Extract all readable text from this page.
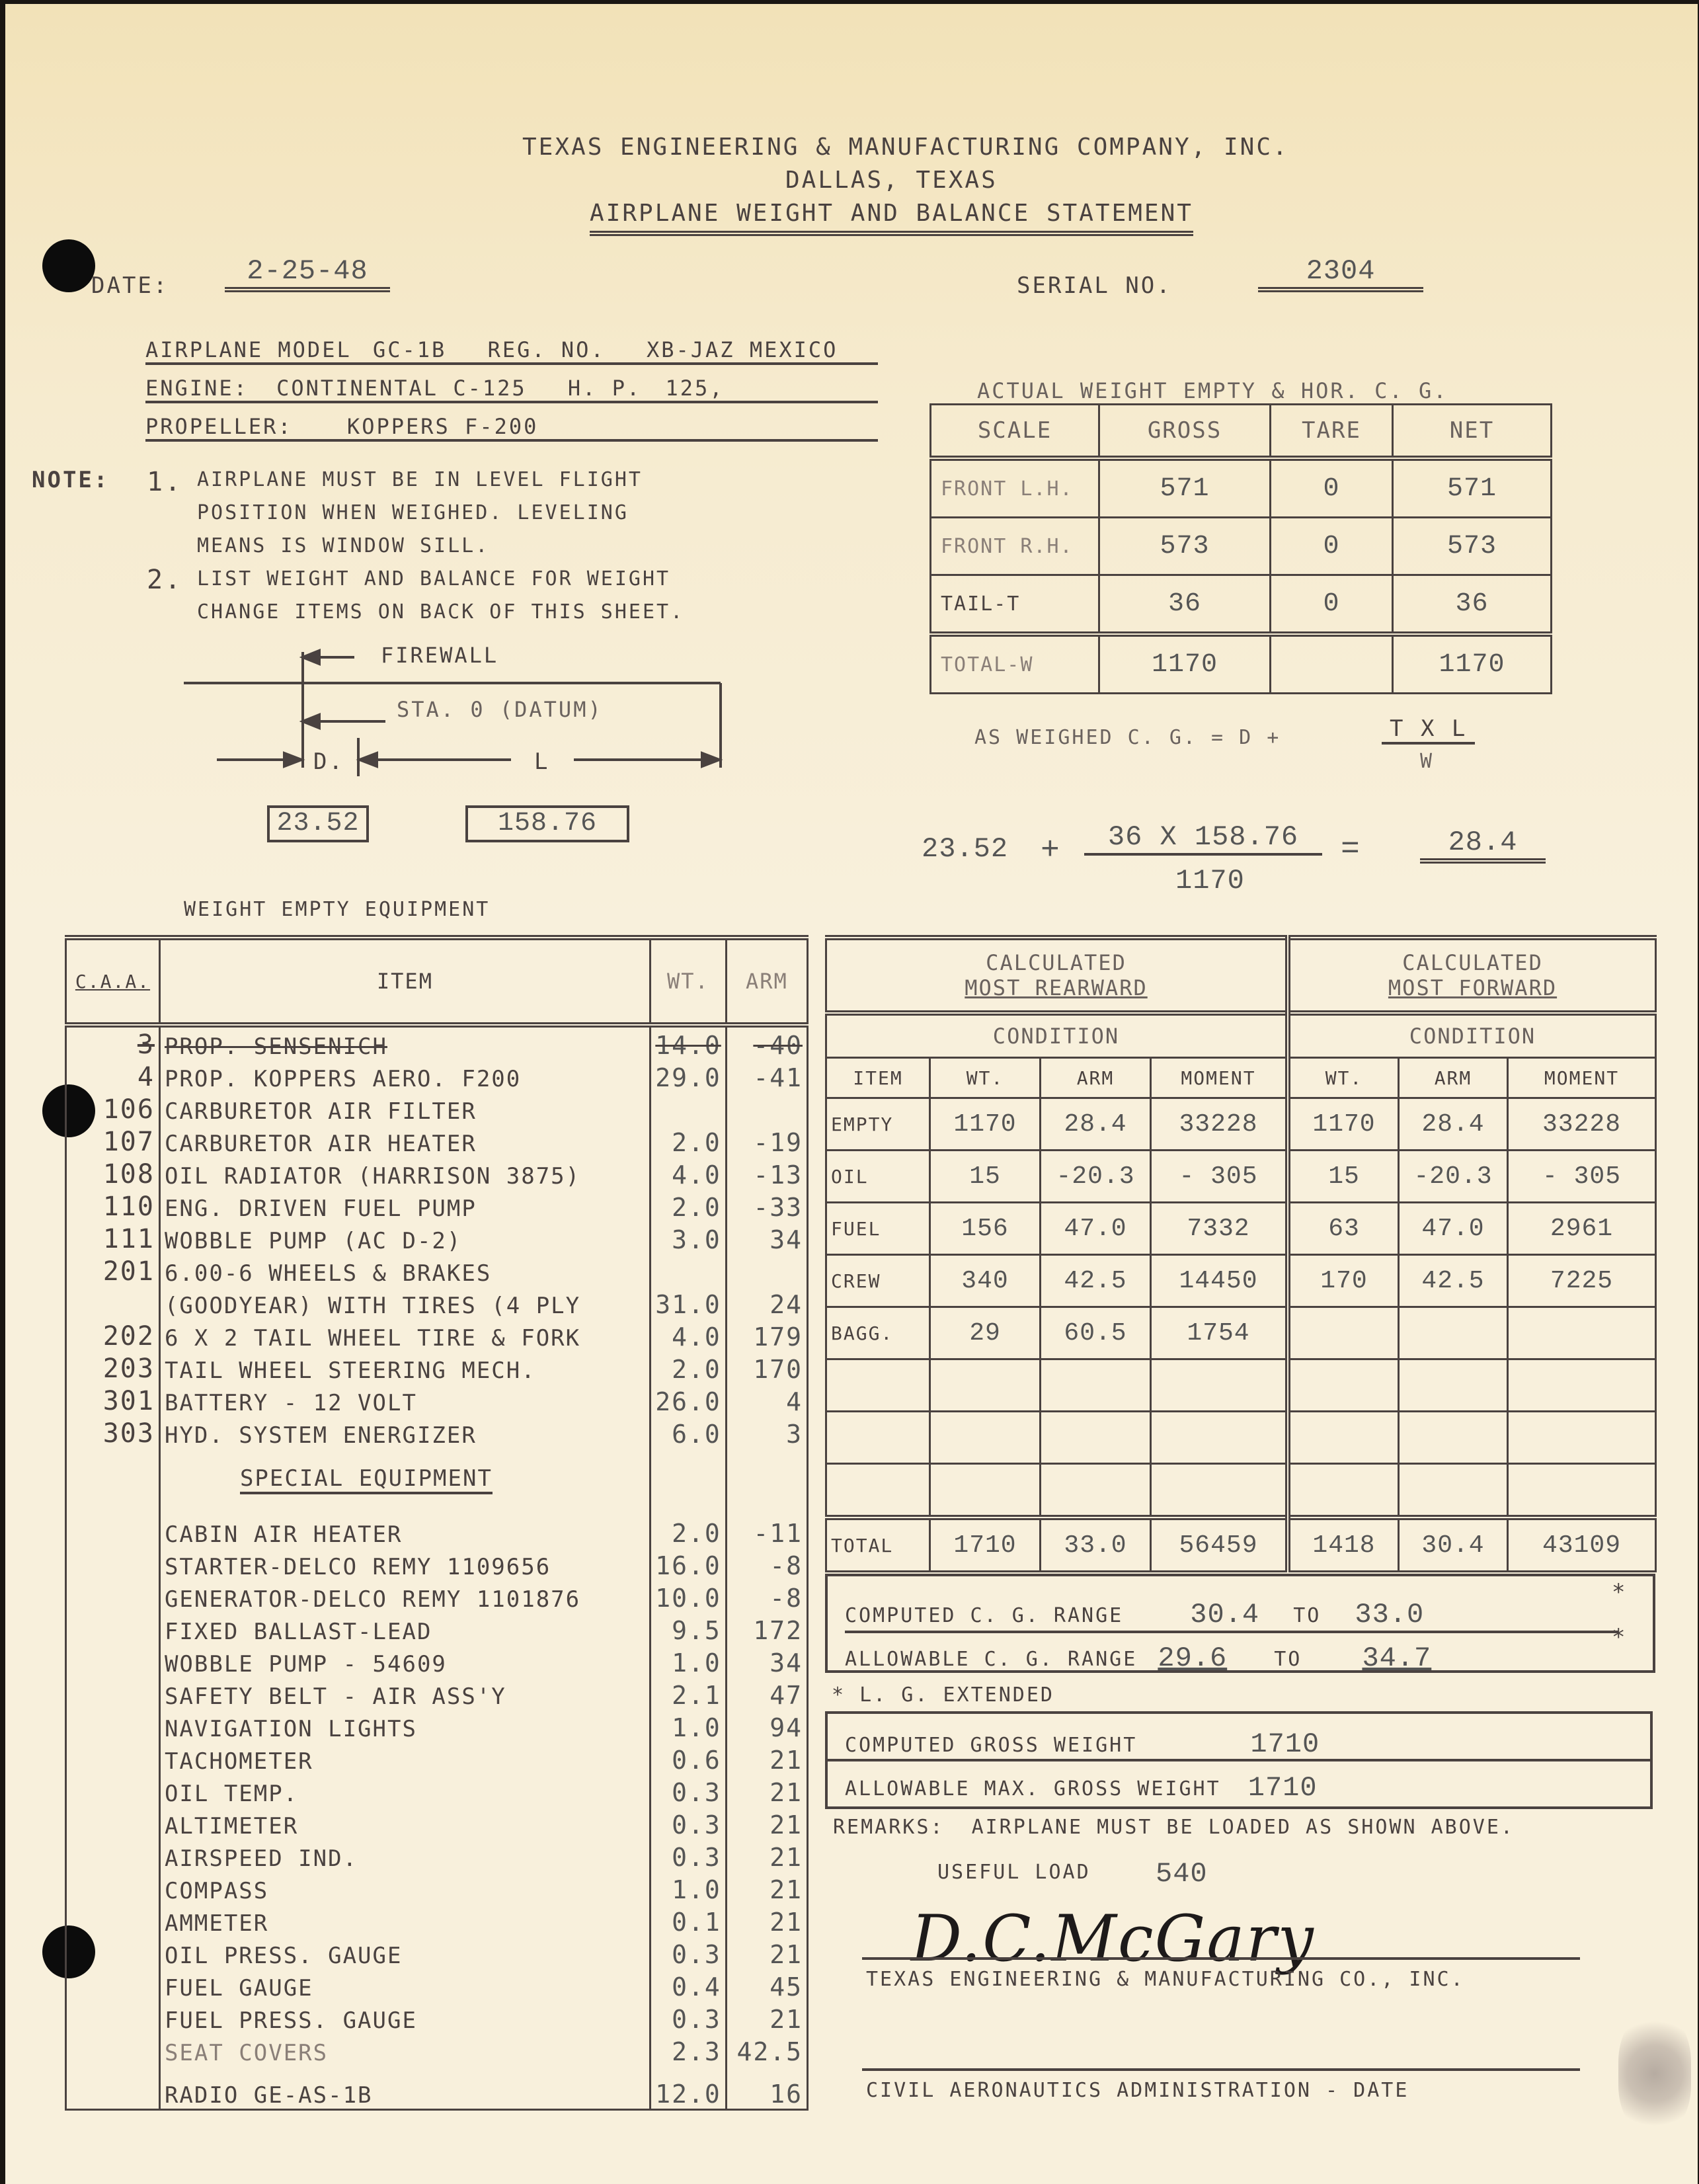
TEXAS ENGINEERING & MANUFACTURING COMPANY, INC.
DALLAS, TEXAS
AIRPLANE WEIGHT AND BALANCE STATEMENT
DATE:	2-25-48	SERIAL NO.	2304
AIRPLANE MODEL GC-1B REG. NO. XB-JAZ MEXICO
ENGINE: CONTINENTAL C-125 H. P. 125,
PROPELLER:	KOPPERS F-200
NOTE: 1. AIRPLANE MUST BE IN LEVEL FLIGHT
POSITION WHEN WEIGHED. LEVELING
MEANS IS WINDOW SILL.
2. LIST WEIGHT AND BALANCE FOR WEIGHT
CHANGE ITEMS ON BACK OF THIS SHEET.
FIREWALL
STA. 0 (DATUM)
D.	L
23.52	158.76
ACTUAL WEIGHT EMPTY & HOR. C. G.
SCALE	GROSS	TARE	NET
FRONT L.H.	571	0	571
FRONT R.H.	573	0	573
TAIL-T	36	0	36
TOTAL-W	1170		1170
AS WEIGHED C. G. = D +	T X L
W
23.52 +	36 X 158.76
1170
=	28.4
WEIGHT EMPTY EQUIPMENT
C.A.A.	ITEM	WT.	ARM
3	PROP. SENSENICH	14.0	-40
4	PROP. KOPPERS AERO. F200	29.0	-41
106	CARBURETOR AIR FILTER		
107	CARBURETOR AIR HEATER	2.0	-19
108	OIL RADIATOR (HARRISON 3875)	4.0	-13
110	ENG. DRIVEN FUEL PUMP	2.0	-33
111	WOBBLE PUMP (AC D-2)	3.0	34
201	6.00-6 WHEELS & BRAKES		
	(GOODYEAR) WITH TIRES (4 PLY	31.0	24
202	6 X 2 TAIL WHEEL TIRE & FORK	4.0	179
203	TAIL WHEEL STEERING MECH.	2.0	170
301	BATTERY - 12 VOLT	26.0	4
303	HYD. SYSTEM ENERGIZER	6.0	3
	SPECIAL EQUIPMENT		
	CABIN AIR HEATER	2.0	-11
	STARTER-DELCO REMY 1109656	16.0	-8
	GENERATOR-DELCO REMY 1101876	10.0	-8
	FIXED BALLAST-LEAD	9.5	172
	WOBBLE PUMP - 54609	1.0	34
	SAFETY BELT - AIR ASS'Y	2.1	47
	NAVIGATION LIGHTS	1.0	94
	TACHOMETER	0.6	21
	OIL TEMP.	0.3	21
	ALTIMETER	0.3	21
	AIRSPEED IND.	0.3	21
	COMPASS	1.0	21
	AMMETER	0.1	21
	OIL PRESS. GAUGE	0.3	21
	FUEL GAUGE	0.4	45
	FUEL PRESS. GAUGE	0.3	21
	SEAT COVERS	2.3	42.5
	RADIO GE-AS-1B	12.0	16
CALCULATED
MOST REARWARD

CALCULATED
MOST FORWARD

CONDITION				CONDITION		
ITEM	WT.	ARM	MOMENT	WT.	ARM	MOMENT
EMPTY	1170	28.4	33228	1170	28.4	33228
OIL	15	-20.3	- 305	15	-20.3	- 305
FUEL	156	47.0	7332	63	47.0	2961
CREW	340	42.5	14450	170	42.5	7225
BAGG.	29	60.5	1754			

TOTAL	1710	33.0	56459	1418	30.4	43109
COMPUTED C. G. RANGE 30.4 TO 33.0
*
ALLOWABLE C. G. RANGE 29.6 TO 34.7
*
* L. G. EXTENDED
COMPUTED GROSS WEIGHT	1710
ALLOWABLE MAX. GROSS WEIGHT 1710
REMARKS: AIRPLANE MUST BE LOADED AS SHOWN ABOVE.
USEFUL LOAD 540
D.C.McGary
TEXAS ENGINEERING & MANUFACTURING CO., INC.
CIVIL AERONAUTICS ADMINISTRATION - DATE
